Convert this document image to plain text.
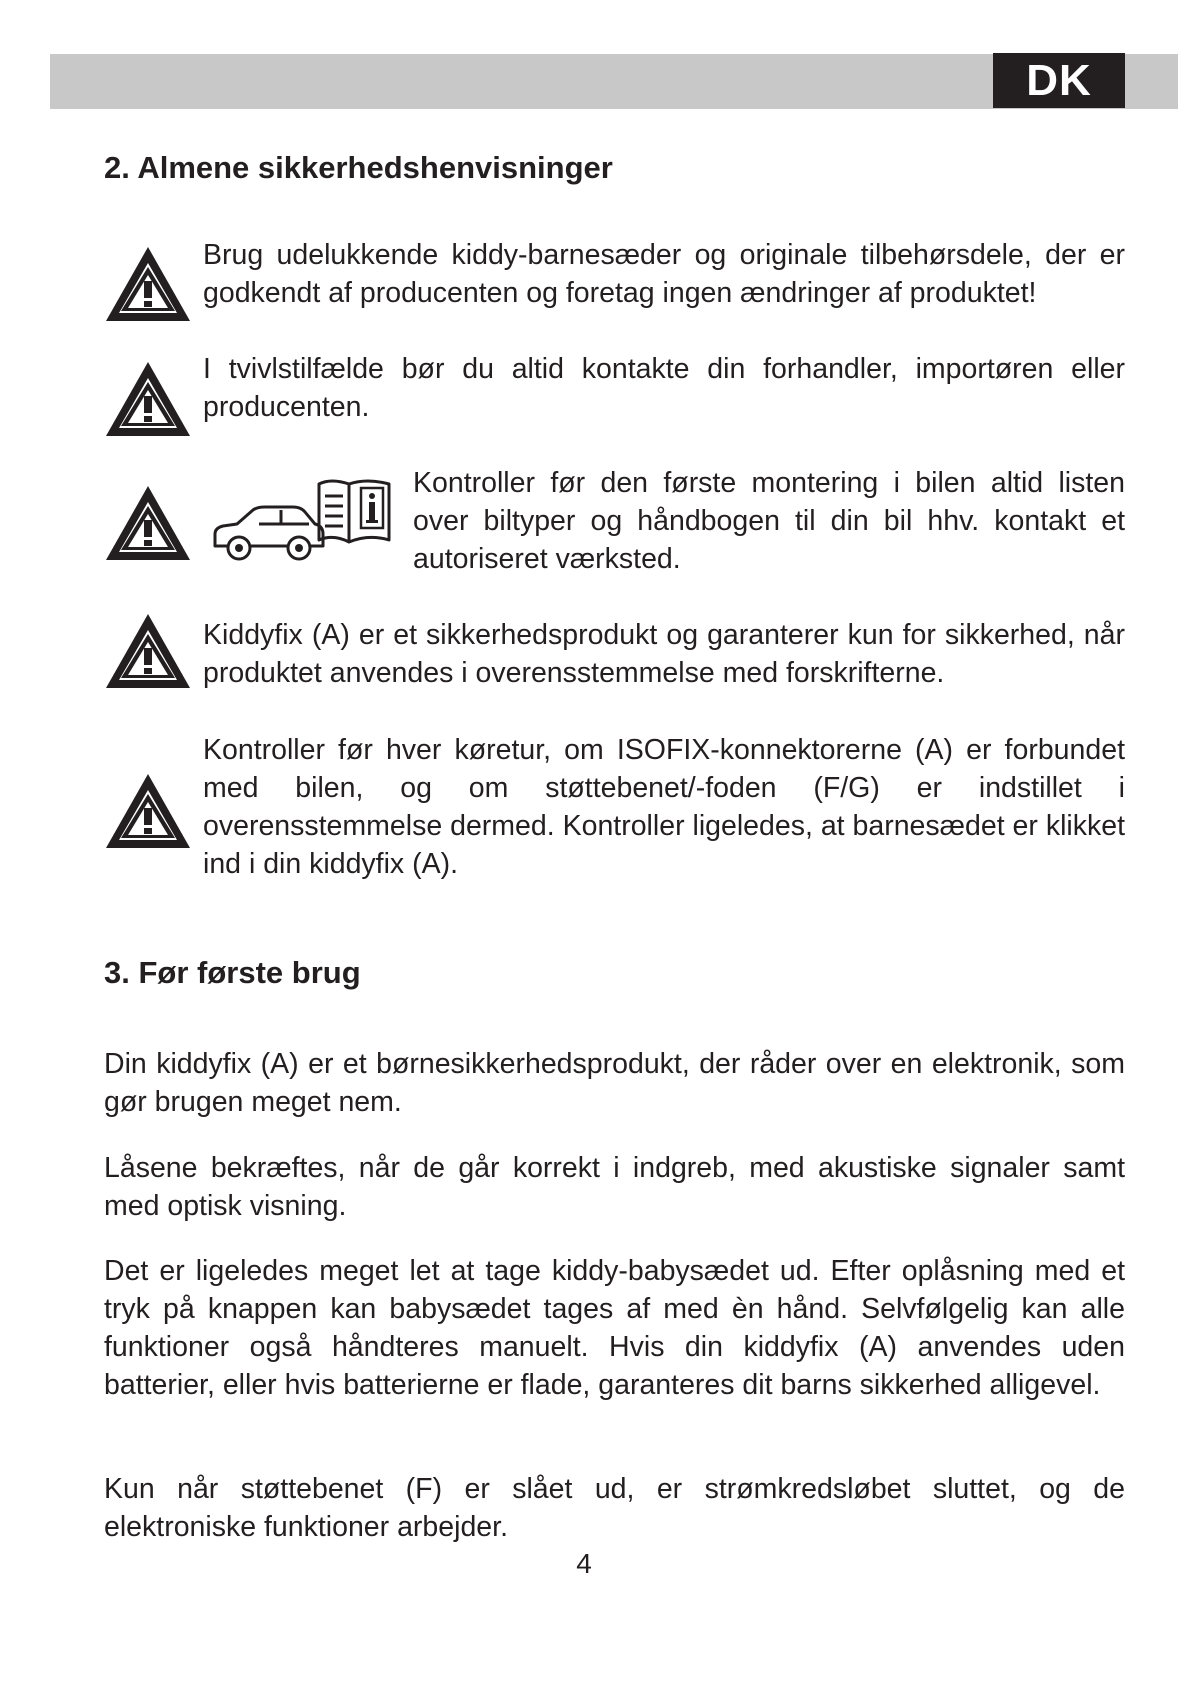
DK
2. Almene sikkerhedshenvisninger

Brug udelukkende kiddy-barnesæder og originale tilbehørsdele, der er godkendt af producenten og foretag ingen ændringer af produktet!

I tvivlstilfælde bør du altid kontakte din forhandler, importøren eller producenten.

Kontroller før den første montering i bilen altid listen over biltyper og håndbogen til din bil hhv. kontakt et autoriseret værksted.

Kiddyfix (A) er et sikkerhedsprodukt og garanterer kun for sikkerhed, når produktet anvendes i overensstemmelse med forskrifterne.

Kontroller før hver køretur, om ISOFIX-konnektorerne (A) er forbundet med bilen, og om støttebenet/-foden (F/G) er indstillet i overensstemmelse dermed. Kontroller ligeledes, at barnesædet er klikket ind i din kiddyfix (A).

3. Før første brug

Din kiddyfix (A) er et børnesikkerhedsprodukt, der råder over en elektronik, som gør brugen meget nem.

Låsene bekræftes, når de går korrekt i indgreb, med akustiske signaler samt med optisk visning.

Det er ligeledes meget let at tage kiddy-babysædet ud. Efter oplåsning med et tryk på knappen kan babysædet tages af med èn hånd. Selvfølgelig kan alle funktioner også håndteres manuelt. Hvis din kiddyfix (A) anvendes uden batterier, eller hvis batterierne er flade, garanteres dit barns sikkerhed alligevel.

Kun når støttebenet (F) er slået ud, er strømkredsløbet sluttet, og de elektroniske funktioner arbejder.

4
